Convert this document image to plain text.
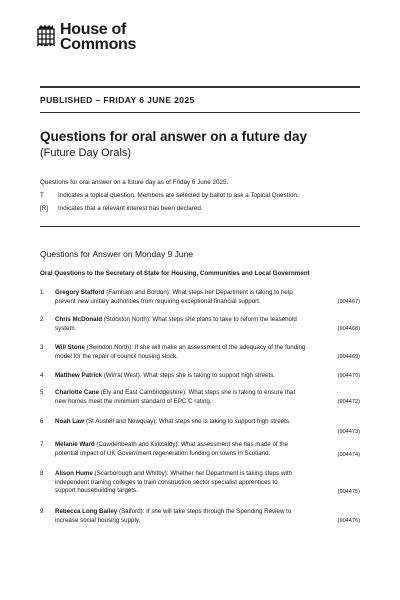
House of
Commons
PUBLISHED – FRIDAY 6 JUNE 2025
Questions for oral answer on a future day
(Future Day Orals)
Questions for oral answer on a future day as of Friday 6 June 2025.
T	Indicates a topical question. Members are selected by ballot to ask a Topical Question.
[R]	Indicates that a relevant interest has been declared.
Questions for Answer on Monday 9 June
Oral Questions to the Secretary of State for Housing, Communities and Local Government
1 Gregory Stafford (Farnham and Bordon): What steps her Department is taking to help
prevent new unitary authorities from requiring exceptional financial support.	(904467)
2 Chris McDonald (Stockton North): What steps she plans to take to reform the leasehold
system.	(904468)
3 Will Stone (Swindon North): If she will make an assessment of the adequacy of the funding
model for the repair of council housing stock.	(904469)
4 Matthew Patrick (Wirral West): What steps she is taking to support high streets.	(904470)
5 Charlotte Cane (Ely and East Cambridgeshire): What steps she is taking to ensure that
new homes meet the minimum standard of EPC C rating.	(904472)
6 Noah Law (St Austell and Newquay): What steps she is taking to support high streets.
(904473)
7 Melanie Ward (Cowdenbeath and Kirkcaldy): What assessment she has made of the
potential impact of UK Government regeneration funding on towns in Scotland.	(904474)
8 Alison Hume (Scarborough and Whitby): Whether her Department is taking steps with
independent training colleges to train construction sector specialist apprentices to
support housebuilding targets.	(904475)
9 Rebecca Long Bailey (Salford): If she will take steps through the Spending Review to
increase social housing supply.	(904476)
